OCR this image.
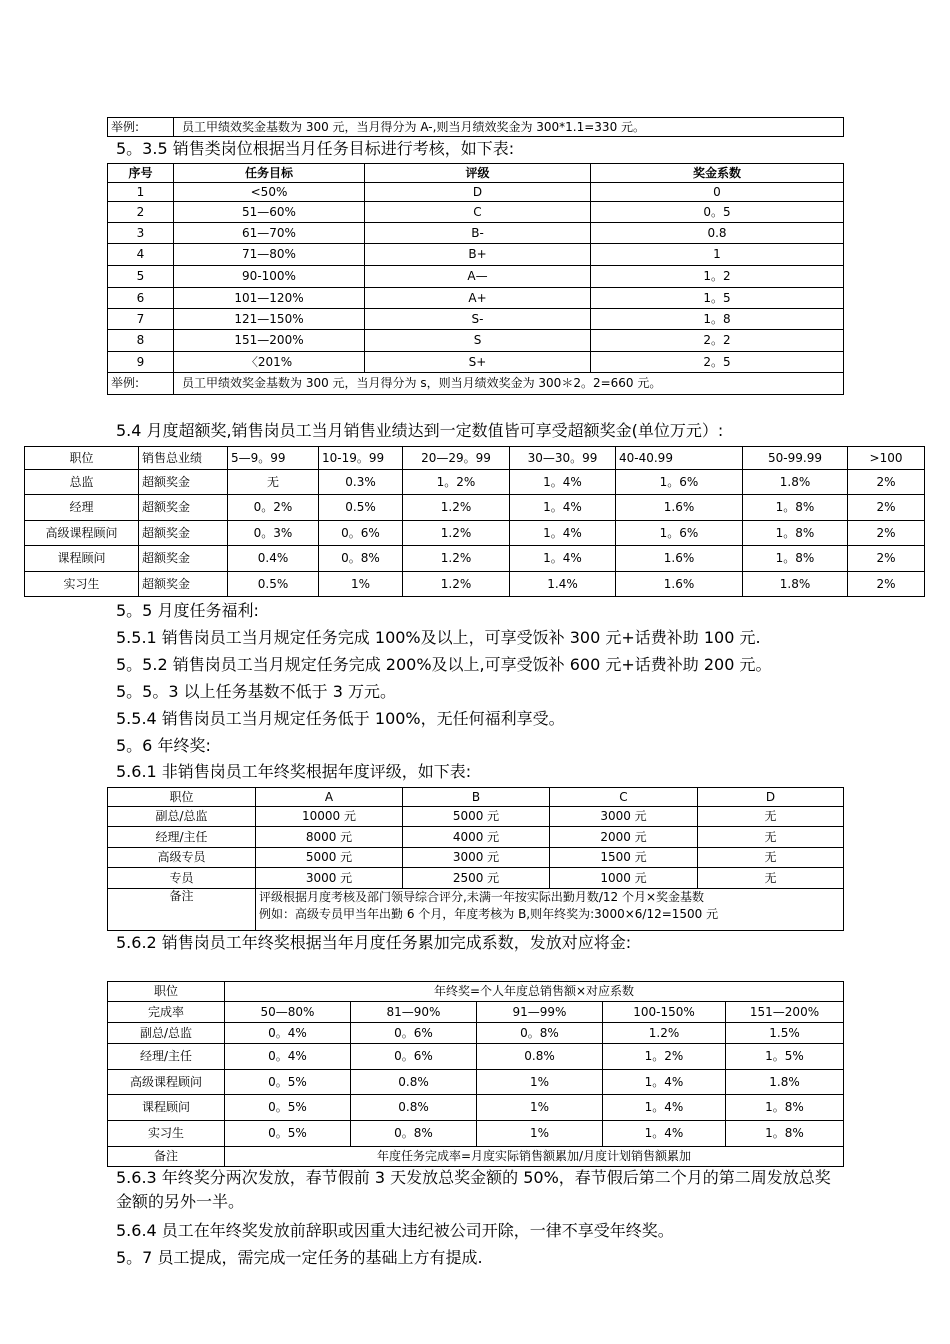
举例:	员工甲绩效奖金基数为 300 元，当月得分为 A-,则当月绩效奖金为 300*1.1=330 元。
5。3.5 销售类岗位根据当月任务目标进行考核，如下表:
序号	任务目标	评级	奖金系数
1	<50%	D	0
2	51—60%	C	0。5
3	61—70%	B-	0.8
4	71—80%	B+	1
5	90-100%	A—	1。2
6	101—120%	A+	1。5
7	121—150%	S-	1。8
8	151—200%	S	2。2
9	〈201%	S+	2。5
举例:	员工甲绩效奖金基数为 300 元，当月得分为 s，则当月绩效奖金为 300＊2。2=660 元。		
5.4 月度超额奖,销售岗员工当月销售业绩达到一定数值皆可享受超额奖金(单位万元）:
职位	销售总业绩	5—9。99	10-19。99	20—29。99	30—30。99	40-40.99	50-99.99	>100
总监	超额奖金	无	0.3%	1。2%	1。4%	1。6%	1.8%	2%
经理	超额奖金	0。2%	0.5%	1.2%	1。4%	1.6%	1。8%	2%
高级课程顾问	超额奖金	0。3%	0。6%	1.2%	1。4%	1。6%	1。8%	2%
课程顾问	超额奖金	0.4%	0。8%	1.2%	1。4%	1.6%	1。8%	2%
实习生	超额奖金	0.5%	1%	1.2%	1.4%	1.6%	1.8%	2%
5。5 月度任务福利:
5.5.1 销售岗员工当月规定任务完成 100%及以上，可享受饭补 300 元+话费补助 100 元.
5。5.2 销售岗员工当月规定任务完成 200%及以上,可享受饭补 600 元+话费补助 200 元。
5。5。3 以上任务基数不低于 3 万元。
5.5.4 销售岗员工当月规定任务低于 100%，无任何福利享受。
5。6 年终奖:
5.6.1 非销售岗员工年终奖根据年度评级，如下表:
职位	A	B	C	D
副总/总监	10000 元	5000 元	3000 元	无
经理/主任	8000 元	4000 元	2000 元	无
高级专员	5000 元	3000 元	1500 元	无
专员	3000 元	2500 元	1000 元	无
备注	评级根据月度考核及部门领导综合评分,未满一年按实际出勤月数/12 个月×奖金基数
例如：高级专员甲当年出勤 6 个月，年度考核为 B,则年终奖为:3000×6/12=1500 元			
5.6.2 销售岗员工年终奖根据当年月度任务累加完成系数，发放对应将金:
职位	年终奖=个人年度总销售额×对应系数				
完成率	50—80%	81—90%	91—99%	100-150%	151—200%
副总/总监	0。4%	0。6%	0。8%	1.2%	1.5%
经理/主任	0。4%	0。6%	0.8%	1。2%	1。5%
高级课程顾问	0。5%	0.8%	1%	1。4%	1.8%
课程顾问	0。5%	0.8%	1%	1。4%	1。8%
实习生	0。5%	0。8%	1%	1。4%	1。8%
备注	年度任务完成率=月度实际销售额累加/月度计划销售额累加				
5.6.3 年终奖分两次发放，春节假前 3 天发放总奖金额的 50%，春节假后第二个月的第二周发放总奖金额的另外一半。
5.6.4 员工在年终奖发放前辞职或因重大违纪被公司开除，一律不享受年终奖。
5。7 员工提成，需完成一定任务的基础上方有提成.
